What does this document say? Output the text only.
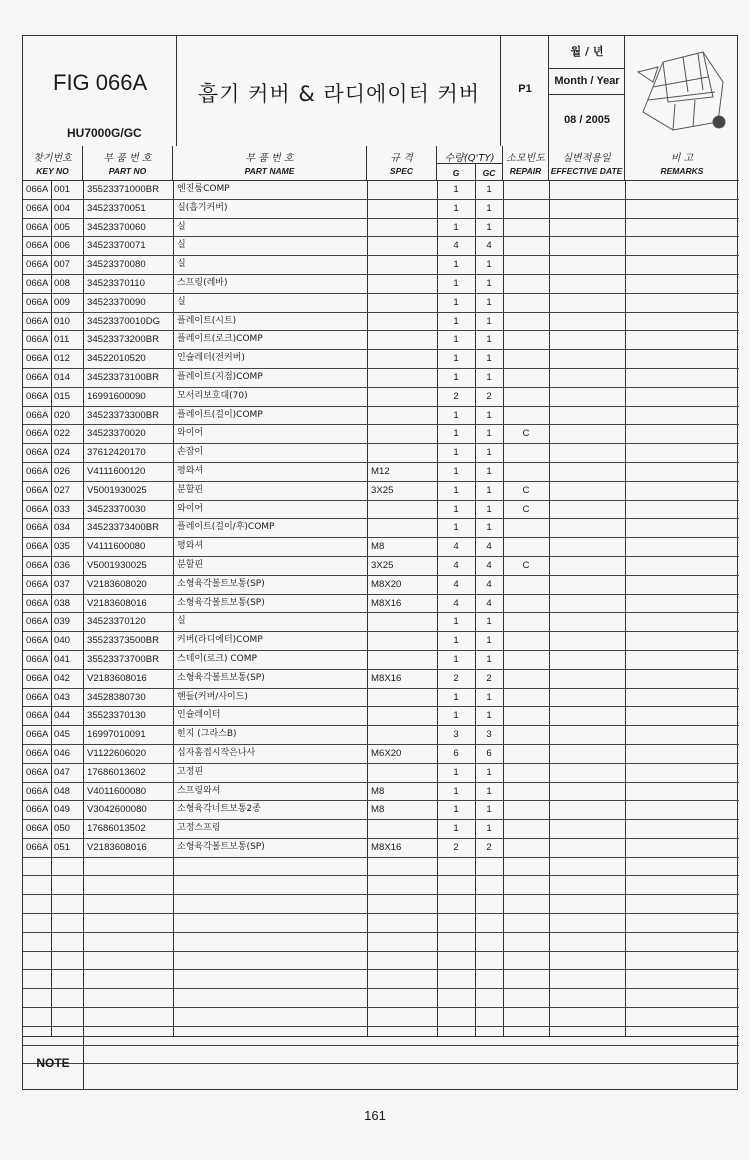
FIG 066A
HU7000G/GC
흡기 커버 & 라디에이터 커버	P1
월 / 년
Month / Year
08 / 2005
찾기번호
KEY NO
부 품 번 호
PART NO
부 품 번 호
PART NAME
규 격
SPEC
수량(Q'TY)
G	GC
소모빈도
REPAIR
실변적용일
EFFECTIVE DATE
비 고
REMARKS
066A 001 35523371000BR 엔진룸COMP	1	1
066A 004 34523370051	실(흡기커버)	1	1
066A 005 34523370060	실	1	1
066A 006 34523370071	실	4	4
066A 007 34523370080	실	1	1
066A 008 34523370110	스프링(레바)	1	1
066A 009 34523370090	실	1	1
066A 010 34523370010DG 플레이트(시트)	1	1
066A 011 34523373200BR 플레이트(로크)COMP	1	1
066A 012 34522010520	인슐레터(전커버)	1	1
066A 014 34523373100BR 플레이트(지점)COMP	1	1
066A 015 16991600090	모서리보호대(70)	2	2
066A 020 34523373300BR 플레이트(걸이)COMP	1	1
066A 022 34523370020	와이어	1	1	C
066A 024 37612420170	손잡이	1	1
066A 026 V4111600120	평와셔	M12	1	1
066A 027 V5001930025	분할핀	3X25	1	1	C
066A 033 34523370030	와이어	1	1	C
066A 034 34523373400BR 플레이트(걸이/후)COMP	1	1
066A 035 V4111600080	평와셔	M8	4	4
066A 036 V5001930025	분할핀	3X25	4	4	C
066A 037 V2183608020	소형육각볼트보통(SP)	M8X20	4	4
066A 038 V2183608016	소형육각볼트보통(SP)	M8X16	4	4
066A 039 34523370120	실	1	1
066A 040 35523373500BR 커버(라디에터)COMP	1	1
066A 041 35523373700BR 스테이(로크) COMP	1	1
066A 042 V2183608016	소형육각볼트보통(SP)	M8X16	2	2
066A 043 34528380730	핸들(커버/사이드)	1	1
066A 044 35523370130	인슐레이터	1	1
066A 045 16997010091	힌지 (그라스B)	3	3
066A 046 V1122606020	십자홈접시작은나사	M6X20	6	6
066A 047 17686013602	고정핀	1	1
066A 048 V4011600080	스프링와셔	M8	1	1
066A 049 V3042600080	소형육각너트보통2종	M8	1	1
066A 050 17686013502	고정스프링	1	1
066A 051 V2183608016	소형육각볼트보통(SP)	M8X16	2	2
NOTE
161
